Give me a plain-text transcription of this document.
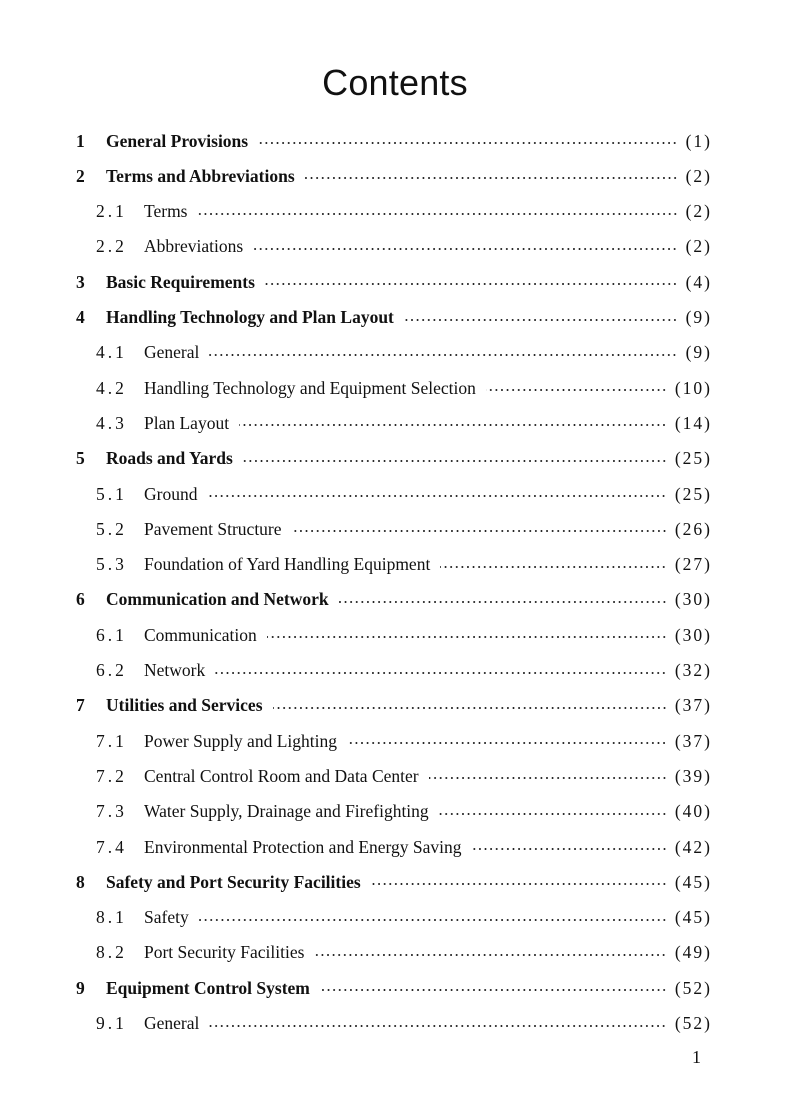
Contents
1	General Provisions	(1)
2	Terms and Abbreviations	(2)
2.1 Terms	(2)
2.2 Abbreviations	(2)
3	Basic Requirements	(4)
4	Handling Technology and Plan Layout	(9)
4.1 General	(9)
4.2 Handling Technology and Equipment Selection	(10)
4.3 Plan Layout	(14)
5	Roads and Yards	(25)
5.1 Ground	(25)
5.2 Pavement Structure	(26)
5.3 Foundation of Yard Handling Equipment	(27)
6	Communication and Network	(30)
6.1 Communication	(30)
6.2 Network	(32)
7	Utilities and Services	(37)
7.1 Power Supply and Lighting	(37)
7.2 Central Control Room and Data Center	(39)
7.3 Water Supply, Drainage and Firefighting	(40)
7.4 Environmental Protection and Energy Saving	(42)
8	Safety and Port Security Facilities	(45)
8.1 Safety	(45)
8.2 Port Security Facilities	(49)
9	Equipment Control System	(52)
9.1 General	(52)
1
